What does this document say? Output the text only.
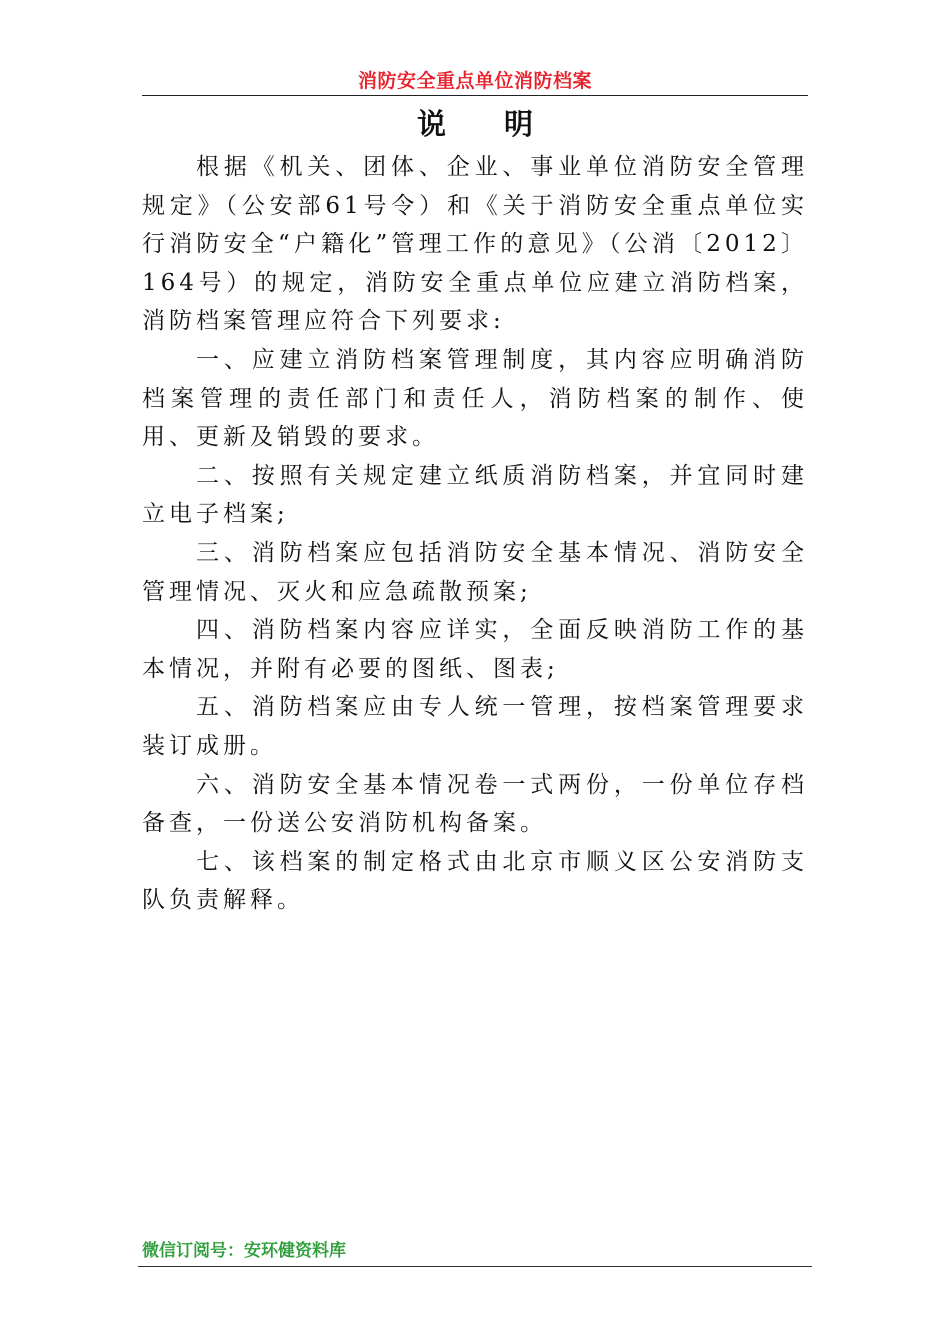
消防安全重点单位消防档案
说　　明

根据《机关、团体、企业、事业单位消防安全管理规定》（公安部61号令）和《关于消防安全重点单位实行消防安全“户籍化”管理工作的意见》（公消〔2012〕164号）的规定，消防安全重点单位应建立消防档案，消防档案管理应符合下列要求:

一、应建立消防档案管理制度，其内容应明确消防档案管理的责任部门和责任人，消防档案的制作、使用、更新及销毁的要求。

二、按照有关规定建立纸质消防档案，并宜同时建立电子档案;

三、消防档案应包括消防安全基本情况、消防安全管理情况、灭火和应急疏散预案;

四、消防档案内容应详实，全面反映消防工作的基本情况，并附有必要的图纸、图表;

五、消防档案应由专人统一管理，按档案管理要求装订成册。

六、消防安全基本情况卷一式两份，一份单位存档备查，一份送公安消防机构备案。

七、该档案的制定格式由北京市顺义区公安消防支队负责解释。

微信订阅号：安环健资料库
